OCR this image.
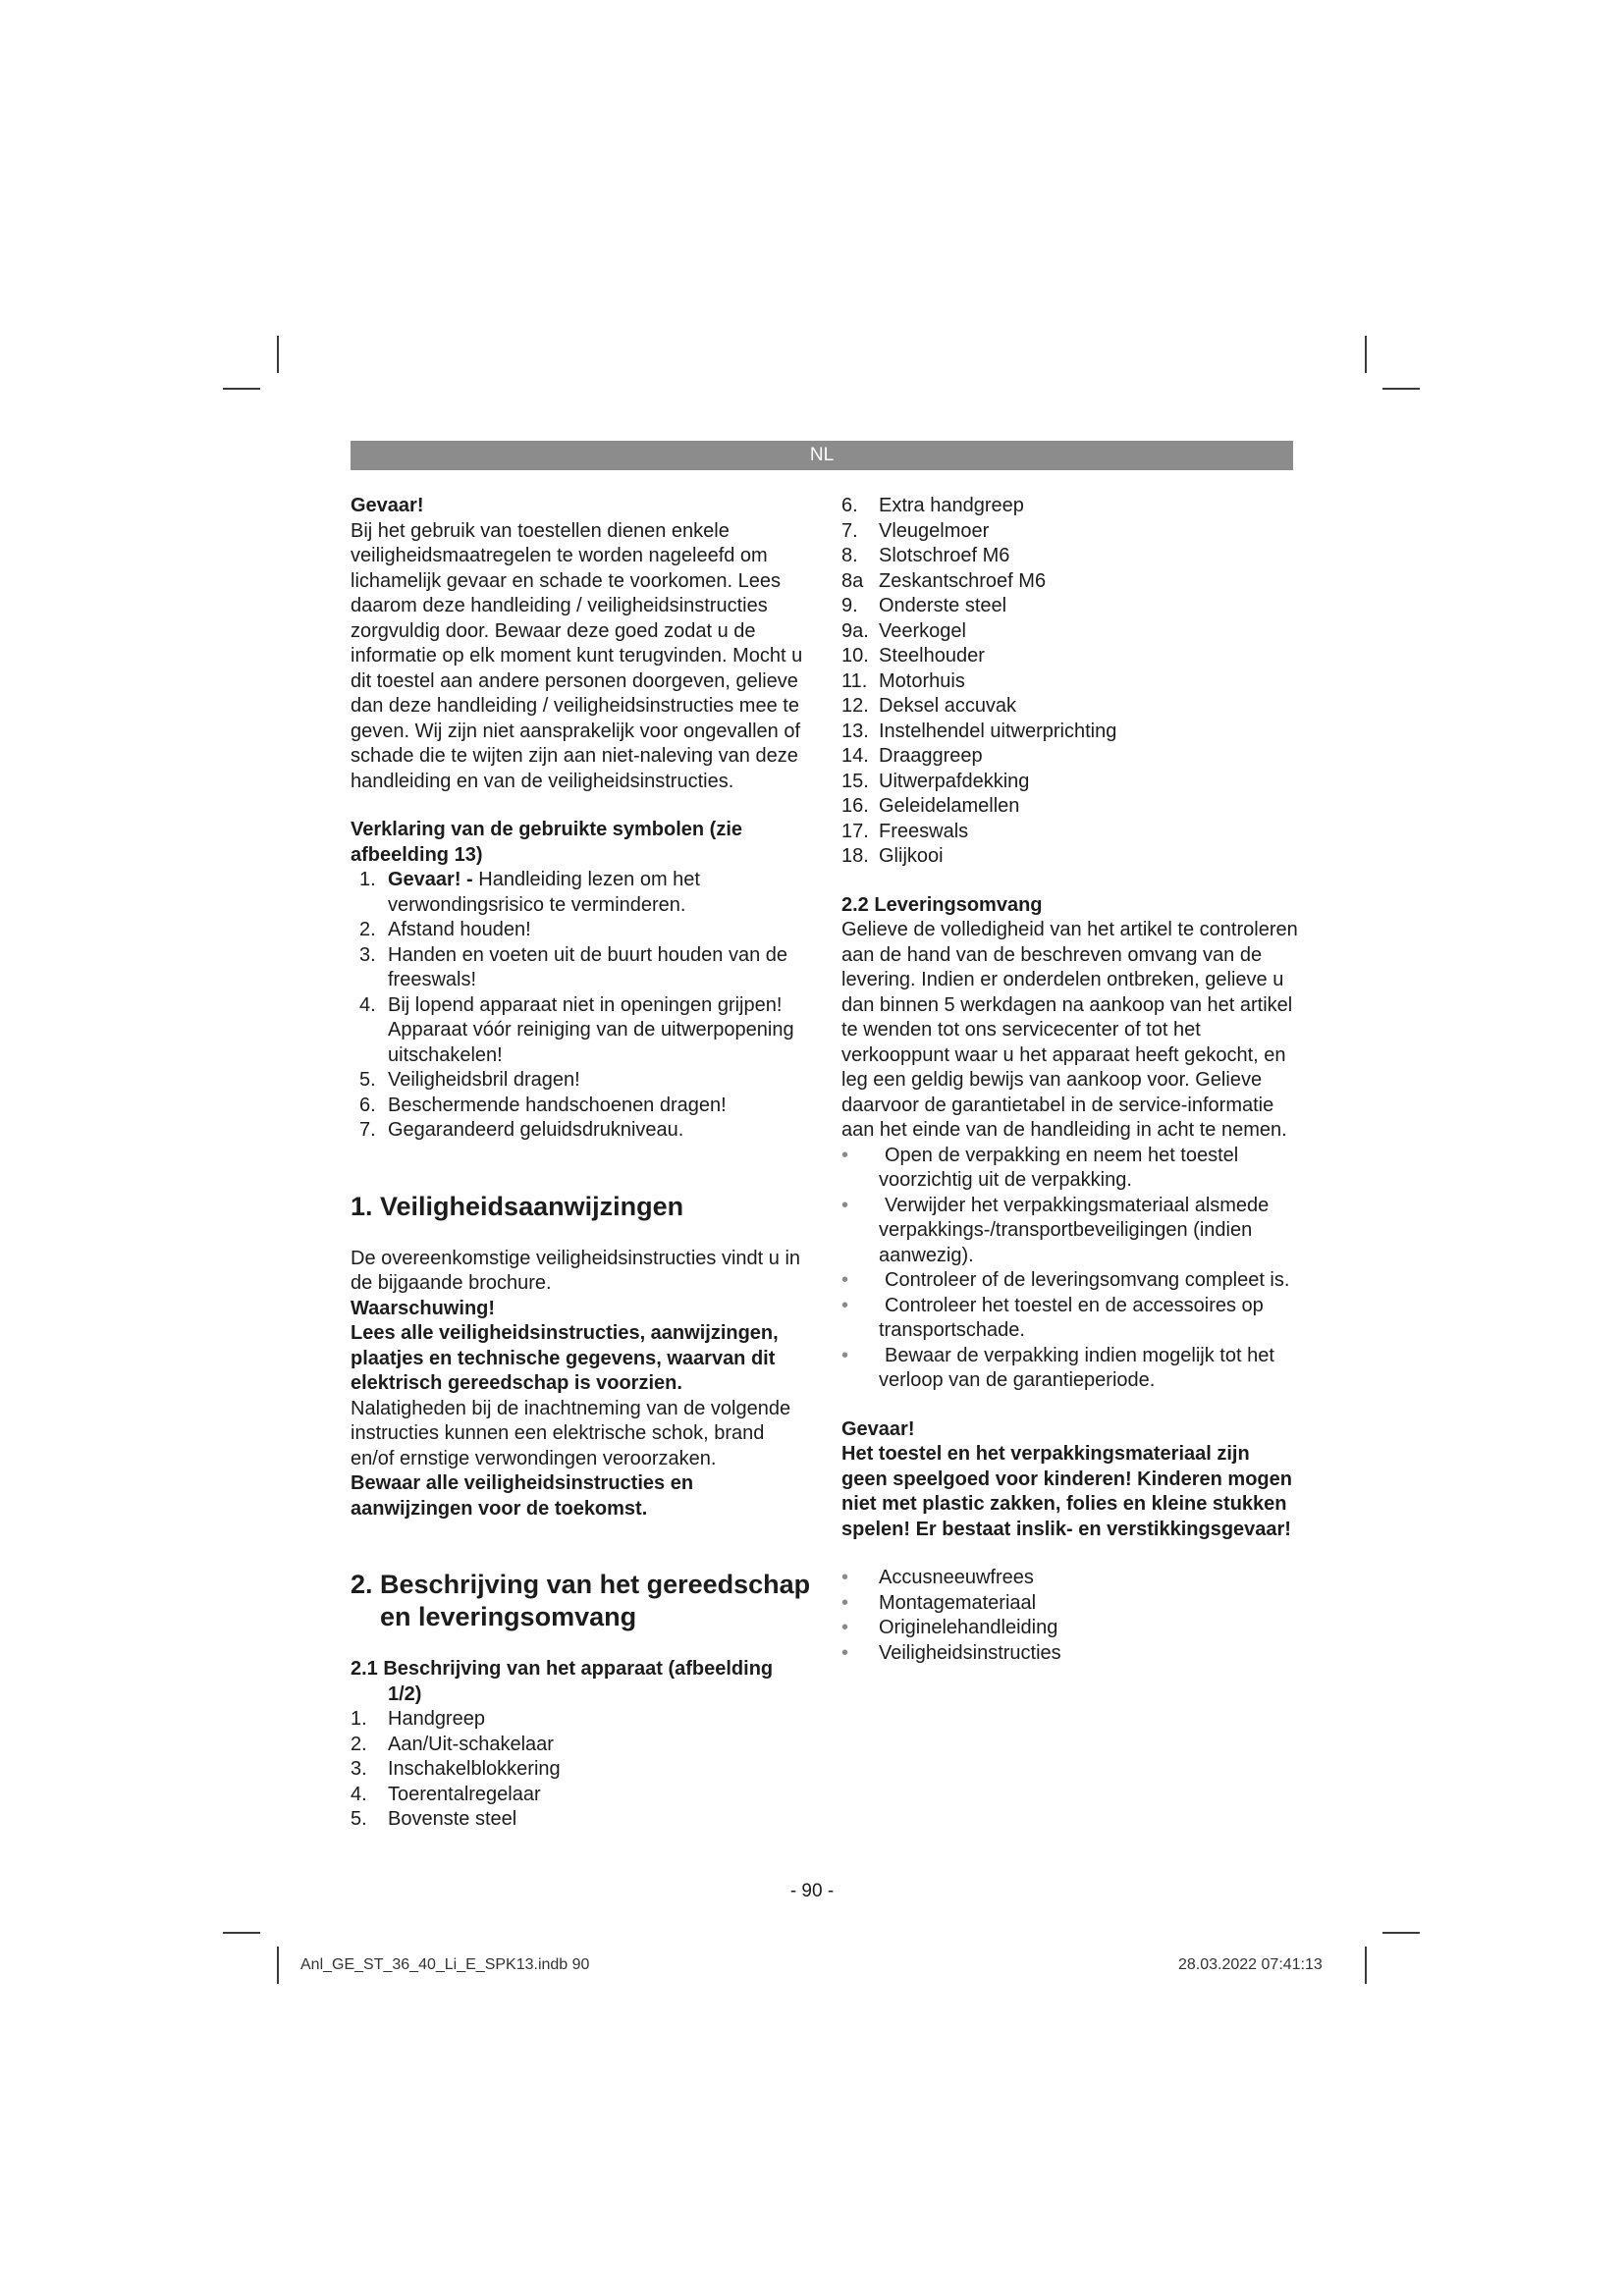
NL

Gevaar!

Bij het gebruik van toestellen dienen enkele veiligheidsmaatregelen te worden nageleefd om lichamelijk gevaar en schade te voorkomen. Lees daarom deze handleiding / veiligheidsinstructies zorgvuldig door. Bewaar deze goed zodat u de informatie op elk moment kunt terugvinden. Mocht u dit toestel aan andere personen doorgeven, gelieve dan deze handleiding / veiligheidsinstructies mee te geven. Wij zijn niet aansprakelijk voor ongevallen of schade die te wijten zijn aan niet-naleving van deze handleiding en van de veiligheidsinstructies.

Verklaring van de gebruikte symbolen (zie afbeelding 13)

1. Gevaar! - Handleiding lezen om het verwondingsrisico te verminderen.
2. Afstand houden!
3. Handen en voeten uit de buurt houden van de freeswals!
4. Bij lopend apparaat niet in openingen grijpen! Apparaat vóór reiniging van de uitwerpopening uitschakelen!
5. Veiligheidsbril dragen!
6. Beschermende handschoenen dragen!
7. Gegarandeerd geluidsdrukniveau.
1. Veiligheidsaanwijzingen

De overeenkomstige veiligheidsinstructies vindt u in de bijgaande brochure.

Waarschuwing!

Lees alle veiligheidsinstructies, aanwijzingen, plaatjes en technische gegevens, waarvan dit elektrisch gereedschap is voorzien.

Nalatigheden bij de inachtneming van de volgende instructies kunnen een elektrische schok, brand en/of ernstige verwondingen veroorzaken.

Bewaar alle veiligheidsinstructies en aanwijzingen voor de toekomst.

2. Beschrijving van het gereedschap en leveringsomvang

2.1 Beschrijving van het apparaat (afbeelding 1/2)

1.	Handgreep
2.	Aan/Uit-schakelaar
3.	Inschakelblokkering
4.	Toerentalregelaar
5.	Bovenste steel
6.	Extra handgreep
7.	Vleugelmoer
8.	Slotschroef M6
8a Zeskantschroef M6
9.	Onderste steel
9a. Veerkogel
10. Steelhouder
11. Motorhuis
12. Deksel accuvak
13. Instelhendel uitwerprichting
14. Draaggreep
15. Uitwerpafdekking
16. Geleidelamellen
17. Freeswals
18. Glijkooi

2.2 Leveringsomvang

Gelieve de volledigheid van het artikel te controleren aan de hand van de beschreven omvang van de levering. Indien er onderdelen ontbreken, gelieve u dan binnen 5 werkdagen na aankoop van het artikel te wenden tot ons servicecenter of tot het verkooppunt waar u het apparaat heeft gekocht, en leg een geldig bewijs van aankoop voor. Gelieve daarvoor de garantietabel in de service-informatie aan het einde van de handleiding in acht te nemen.

•	Open de verpakking en neem het toestel voorzichtig uit de verpakking.
•	Verwijder het verpakkingsmateriaal alsmede verpakkings-/transportbeveiligingen (indien aanwezig).
•	Controleer of de leveringsomvang compleet is.
•	Controleer het toestel en de accessoires op transportschade.
•	Bewaar de verpakking indien mogelijk tot het verloop van de garantieperiode.

Gevaar!

Het toestel en het verpakkingsmateriaal zijn geen speelgoed voor kinderen! Kinderen mogen niet met plastic zakken, folies en kleine stukken spelen! Er bestaat inslik- en verstikkingsgevaar!

•	Accusneeuwfrees
•	Montagemateriaal
•	Originelehandleiding
•	Veiligheidsinstructies
- 90 -
Anl_GE_ST_36_40_Li_E_SPK13.indb 90	28.03.2022 07:41:13
